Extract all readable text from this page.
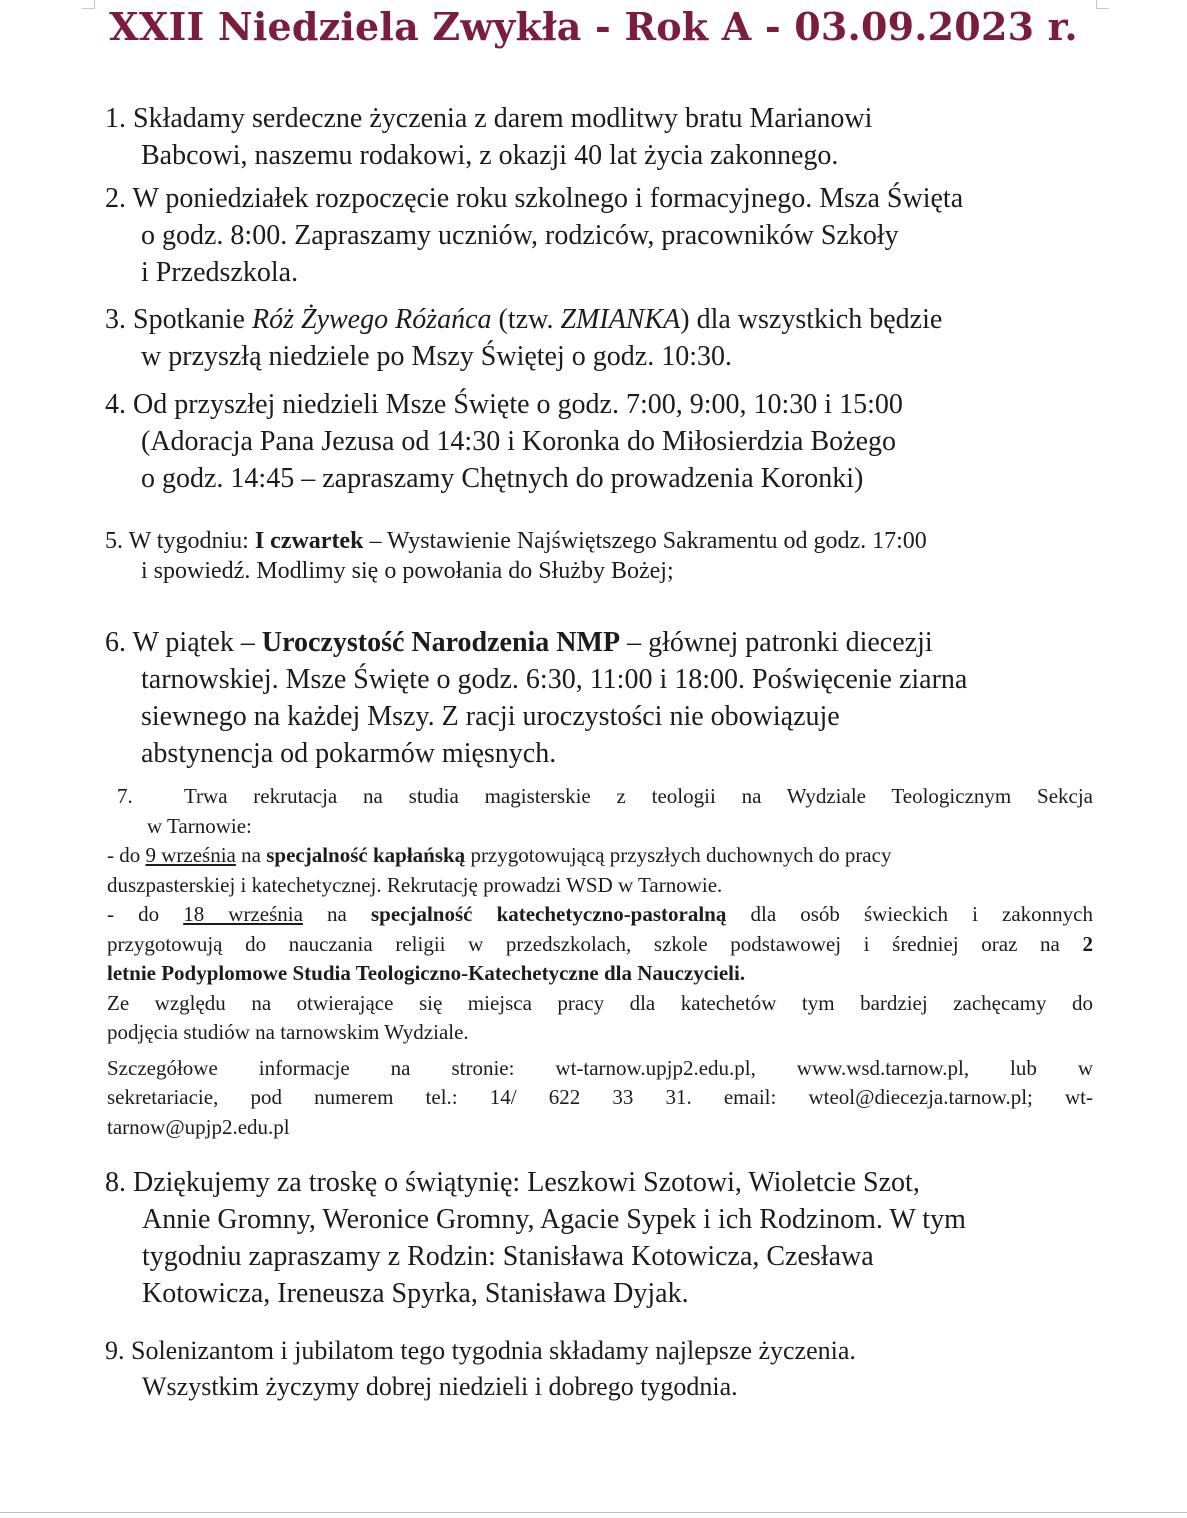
XXII Niedziela Zwykła - Rok A - 03.09.2023 r.
1. Składamy serdeczne życzenia z darem modlitwy bratu Marianowi
Babcowi, naszemu rodakowi, z okazji 40 lat życia zakonnego.
2. W poniedziałek rozpoczęcie roku szkolnego i formacyjnego. Msza Święta
o godz. 8:00. Zapraszamy uczniów, rodziców, pracowników Szkoły
i Przedszkola.
3. Spotkanie Róż Żywego Różańca (tzw. ZMIANKA) dla wszystkich będzie
w przyszłą niedziele po Mszy Świętej o godz. 10:30.
4. Od przyszłej niedzieli Msze Święte o godz. 7:00, 9:00, 10:30 i 15:00
(Adoracja Pana Jezusa od 14:30 i Koronka do Miłosierdzia Bożego
o godz. 14:45 – zapraszamy Chętnych do prowadzenia Koronki)
5. W tygodniu: I czwartek – Wystawienie Najświętszego Sakramentu od godz. 17:00
i spowiedź. Modlimy się o powołania do Służby Bożej;
6. W piątek – Uroczystość Narodzenia NMP – głównej patronki diecezji
tarnowskiej. Msze Święte o godz. 6:30, 11:00 i 18:00. Poświęcenie ziarna
siewnego na każdej Mszy. Z racji uroczystości nie obowiązuje
abstynencja od pokarmów mięsnych.
7. Trwa rekrutacja na studia magisterskie z teologii na Wydziale Teologicznym Sekcja
w Tarnowie:
- do 9 września na specjalność kapłańską przygotowującą przyszłych duchownych do pracy
duszpasterskiej i katechetycznej. Rekrutację prowadzi WSD w Tarnowie.
- do 18 września na specjalność katechetyczno-pastoralną dla osób świeckich i zakonnych
przygotowują do nauczania religii w przedszkolach, szkole podstawowej i średniej oraz na 2
letnie Podyplomowe Studia Teologiczno-Katechetyczne dla Nauczycieli.
Ze względu na otwierające się miejsca pracy dla katechetów tym bardziej zachęcamy do
podjęcia studiów na tarnowskim Wydziale.
Szczegółowe informacje na stronie: wt-tarnow.upjp2.edu.pl, www.wsd.tarnow.pl, lub w
sekretariacie, pod numerem tel.: 14/ 622 33 31. email: wteol@diecezja.tarnow.pl; wt-
tarnow@upjp2.edu.pl
8. Dziękujemy za troskę o świątynię: Leszkowi Szotowi, Wioletcie Szot,
Annie Gromny, Weronice Gromny, Agacie Sypek i ich Rodzinom. W tym
tygodniu zapraszamy z Rodzin: Stanisława Kotowicza, Czesława
Kotowicza, Ireneusza Spyrka, Stanisława Dyjak.
9. Solenizantom i jubilatom tego tygodnia składamy najlepsze życzenia.
Wszystkim życzymy dobrej niedzieli i dobrego tygodnia.
